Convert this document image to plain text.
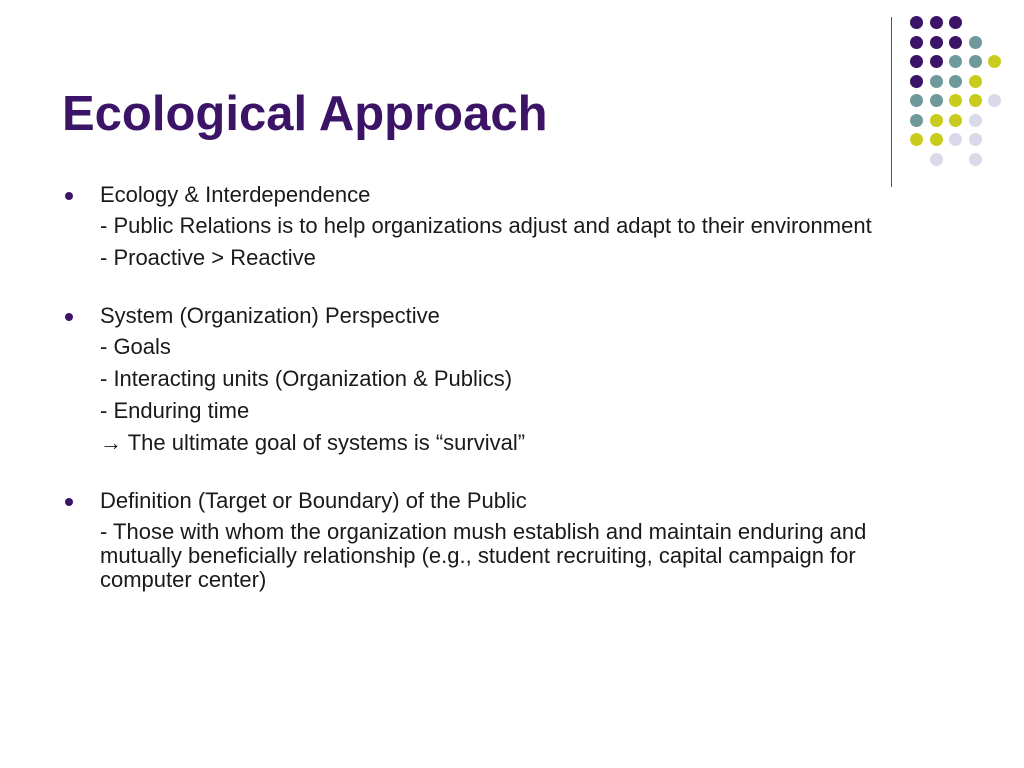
Ecological Approach
Ecology & Interdependence
- Public Relations is to help organizations adjust and adapt to their environment
- Proactive > Reactive
System (Organization) Perspective
- Goals
- Interacting units (Organization & Publics)
- Enduring time
→ The ultimate goal of systems is “survival”
Definition (Target or Boundary) of the Public
- Those with whom the organization mush establish and maintain enduring and mutually beneficially relationship (e.g., student recruiting, capital campaign for computer center)
